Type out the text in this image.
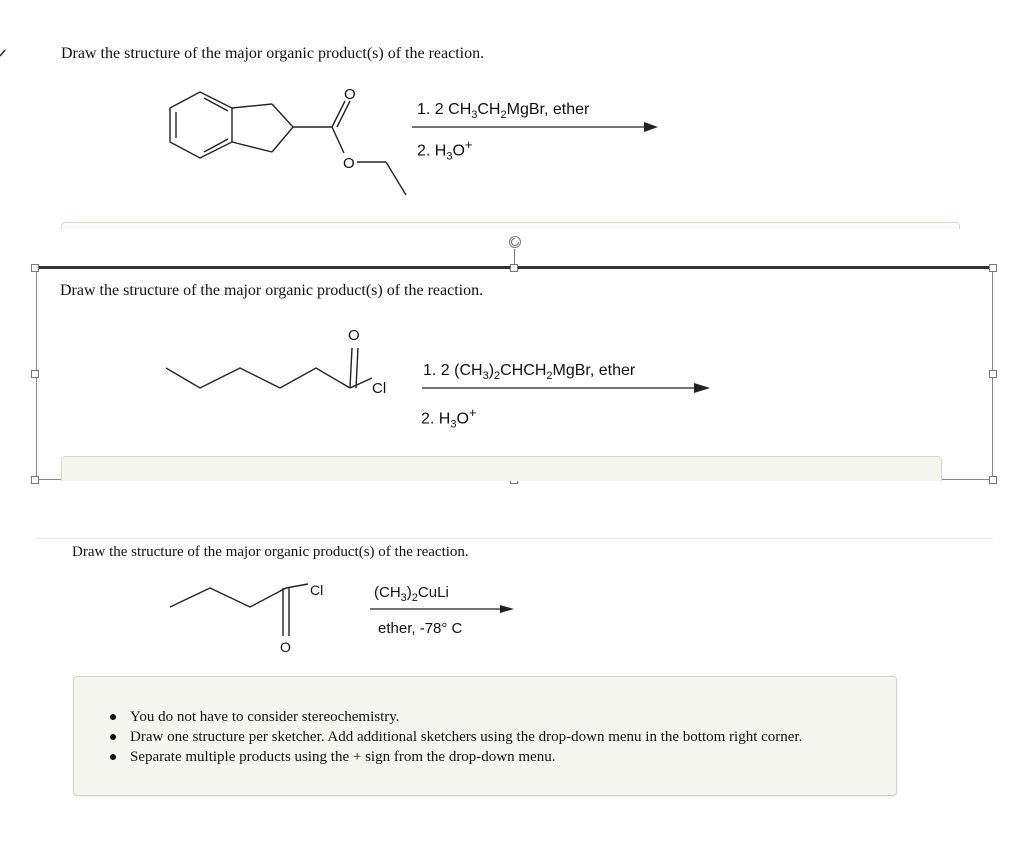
Draw the structure of the major organic product(s) of the reaction.
O
O
1. 2 $CH_3CH_2MgBr$, ether
2. $H_3O^+$
Draw the structure of the major organic product(s) of the reaction.
O
Cl
1. 2 $(CH_3)_2CHCH_2MgBr$, ether
2. $H_3O^+$
Draw the structure of the major organic product(s) of the reaction.
Cl
O
$(CH_3)_2CuLi$
ether, -78° C
You do not have to consider stereochemistry.
Draw one structure per sketcher. Add additional sketchers using the drop-down menu in the bottom right corner.
Separate multiple products using the + sign from the drop-down menu.
